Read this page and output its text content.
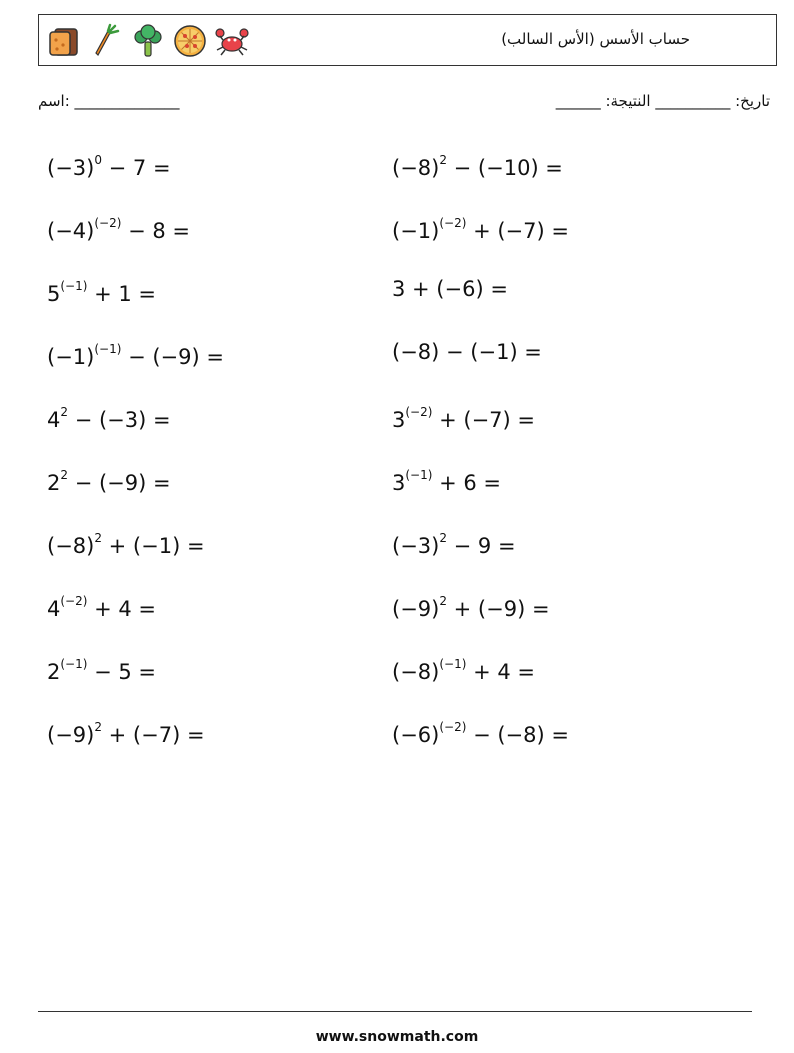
حساب الأسس (الأس السالب)
اسم: ______________	______ :تاريخ: __________ النتيجة
$(-3)^0 - 7$ =	$(-8)^2 - (-10)$ =
$(-4)^{(-2)} - 8$ =	$(-1)^{(-2)} + (-7)$ =
$5^{(-1)} + 1$ =	3 + (−6) =
$(-1)^{(-1)} - (-9)$ =	(−8) − (−1) =
$4^2 - (-3)$ =	$3^{(-2)} + (-7)$ =
$2^2 - (-9)$ =	$3^{(-1)} + 6$ =
$(-8)^2 + (-1)$ =	$(-3)^2 - 9$ =
$4^{(-2)} + 4$ =	$(-9)^2 + (-9)$ =
$2^{(-1)} - 5$ =	$(-8)^{(-1)} + 4$ =
$(-9)^2 + (-7)$ =	$(-6)^{(-2)} - (-8)$ =
www.snowmath.com
